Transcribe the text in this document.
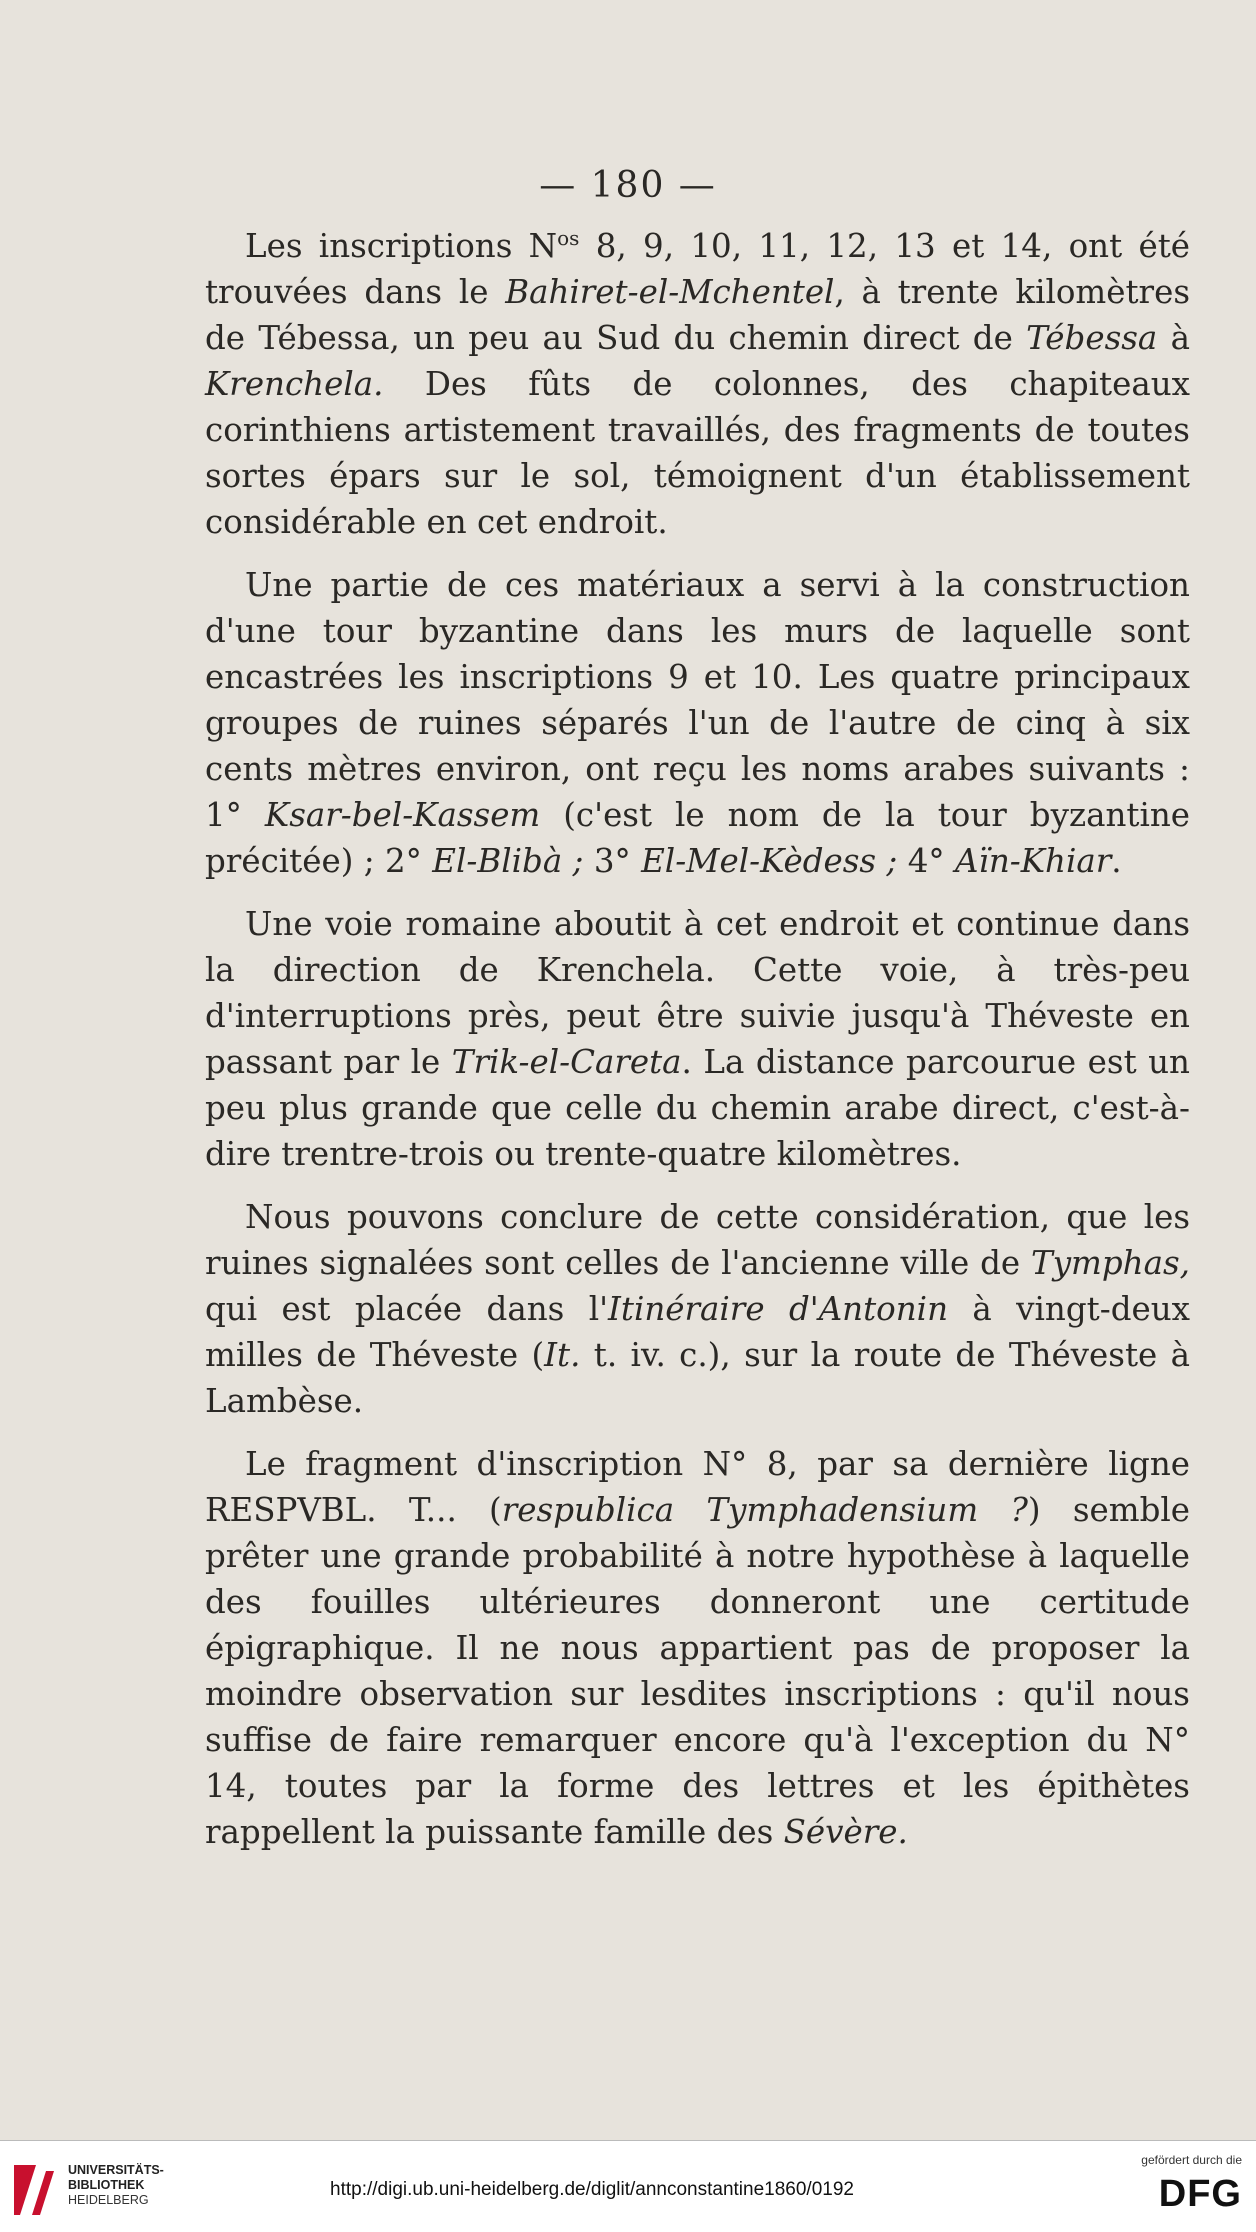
— 180 —

Les inscriptions $N^{os}$ 8, 9, 10, 11, 12, 13 et 14, ont été trouvées dans le Bahiret-el-Mchentel, à trente kilomètres de Tébessa, un peu au Sud du chemin direct de Tébessa à Krenchela. Des fûts de colonnes, des chapiteaux corinthiens artistement travaillés, des fragments de toutes sortes épars sur le sol, témoignent d'un établissement considérable en cet endroit.

Une partie de ces matériaux a servi à la construction d'une tour byzantine dans les murs de laquelle sont encastrées les inscriptions 9 et 10. Les quatre principaux groupes de ruines séparés l'un de l'autre de cinq à six cents mètres environ, ont reçu les noms arabes suivants : 1° Ksar-bel-Kassem (c'est le nom de la tour byzantine précitée) ; 2° El-Blibà ; 3° El-Mel-Kèdess ; 4° Aïn-Khiar.

Une voie romaine aboutit à cet endroit et continue dans la direction de Krenchela. Cette voie, à très-peu d'interruptions près, peut être suivie jusqu'à Théveste en passant par le Trik-el-Careta. La distance parcourue est un peu plus grande que celle du chemin arabe direct, c'est-à-dire trentre-trois ou trente-quatre kilomètres.

Nous pouvons conclure de cette considération, que les ruines signalées sont celles de l'ancienne ville de Tymphas, qui est placée dans l'Itinéraire d'Antonin à vingt-deux milles de Théveste (It. t. iv. c.), sur la route de Théveste à Lambèse.

Le fragment d'inscription N° 8, par sa dernière ligne RESPVBL. T... (respublica Tymphadensium ?) semble prêter une grande probabilité à notre hypothèse à laquelle des fouilles ultérieures donneront une certitude épigraphique. Il ne nous appartient pas de proposer la moindre observation sur lesdites inscriptions : qu'il nous suffise de faire remarquer encore qu'à l'exception du N° 14, toutes par la forme des lettres et les épithètes rappellent la puissante famille des Sévère.

UNIVERSITÄTS-
BIBLIOTHEK
HEIDELBERG	http://digi.ub.uni-heidelberg.de/diglit/annconstantine1860/0192
gefördert durch die
DFG
